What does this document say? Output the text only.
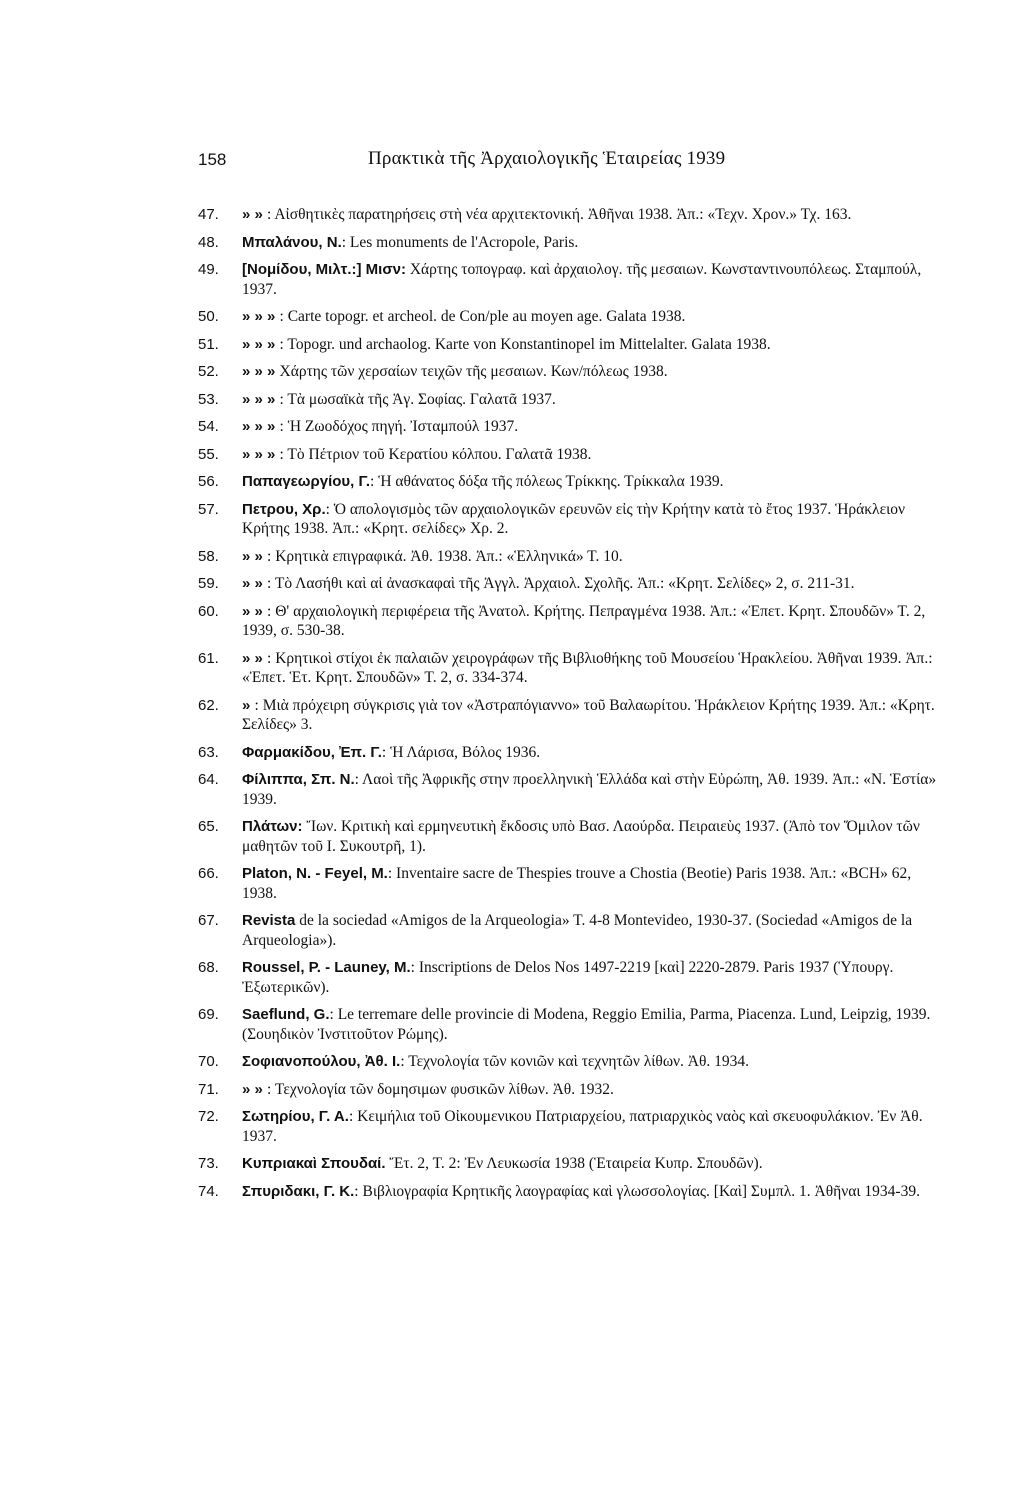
158	Πρακτικὰ τῆς Ἀρχαιολογικῆς Ἑταιρείας 1939
47.	» » : Αἰσθητικὲς παρατηρήσεις στὴ νέα αρχιτεκτονική. Ἀθῆναι 1938. Ἀπ.: «Τεχν. Χρον.» Τχ. 163.
48.	Μπαλάνου, Ν.: Les monuments de l'Acropole, Paris.
49.	[Νομίδου, Μιλτ.:] Μισν: Χάρτης τοπογραφ. καὶ ἀρχαιολογ. τῆς μεσαιων. Κωνσταντινουπόλεως. Σταμπούλ, 1937.
50.	» » » : Carte topogr. et archeol. de Con/ple au moyen age. Galata 1938.
51.	» » » : Topogr. und archaolog. Karte von Konstantinopel im Mittelalter. Galata 1938.
52.	» » » Χάρτης τῶν χερσαίων τειχῶν τῆς μεσαιων. Κων/πόλεως 1938.
53.	» » » : Τὰ μωσαϊκὰ τῆς Ἁγ. Σοφίας. Γαλατᾶ 1937.
54.	» » » : Ἡ Ζωοδόχος πηγή. Ἰσταμπούλ 1937.
55.	» » » : Τὸ Πέτριον τοῦ Κερατίου κόλπου. Γαλατᾶ 1938.
56.	Παπαγεωργίου, Γ.: Ἡ αθάνατος δόξα τῆς πόλεως Τρίκκης. Τρίκκαλα 1939.
57.	Πετρου, Χρ.: Ὁ απολογισμὸς τῶν αρχαιολογικῶν ερευνῶν εἰς τὴν Κρήτην κατὰ τὸ ἔτος 1937. Ἡράκλειον Κρήτης 1938. Ἀπ.: «Κρητ. σελίδες» Χρ. 2.
58.	» » : Κρητικὰ επιγραφικά. Ἀθ. 1938. Ἀπ.: «Ἑλληνικά» Τ. 10.
59.	» » : Τὸ Λασήθι καὶ αἱ ἀνασκαφαὶ τῆς Ἀγγλ. Ἀρχαιολ. Σχολῆς. Ἀπ.: «Κρητ. Σελίδες» 2, σ. 211-31.
60.	» » : Θ' αρχαιολογικὴ περιφέρεια τῆς Ἀνατολ. Κρήτης. Πεπραγμένα 1938. Ἀπ.: «Ἐπετ. Κρητ. Σπουδῶν» Τ. 2, 1939, σ. 530-38.
61.	» » : Κρητικοὶ στίχοι ἐκ παλαιῶν χειρογράφων τῆς Βιβλιοθήκης τοῦ Μουσείου Ἡρακλείου. Ἀθῆναι 1939. Ἀπ.: «Ἐπετ. Ἑτ. Κρητ. Σπουδῶν» Τ. 2, σ. 334-374.
62.	» : Μιὰ πρόχειρη σύγκρισις γιὰ τον «Ἀστραπόγιαννο» τοῦ Βαλαωρίτου. Ἡράκλειον Κρήτης 1939. Ἀπ.: «Κρητ. Σελίδες» 3.
63.	Φαρμακίδου, Ἐπ. Γ.: Ἡ Λάρισα, Βόλος 1936.
64.	Φίλιππα, Σπ. Ν.: Λαοὶ τῆς Ἀφρικῆς στην προελληνικὴ Ἑλλάδα καὶ στὴν Εὐρώπη, Ἀθ. 1939. Ἀπ.: «Ν. Ἑστία» 1939.
65.	Πλάτων: Ἴων. Κριτικὴ καὶ ερμηνευτικὴ ἔκδοσις υπὸ Βασ. Λαούρδα. Πειραιεὺς 1937. (Ἀπὸ τον Ὅμιλον τῶν μαθητῶν τοῦ Ι. Συκουτρῆ, 1).
66.	Platon, N. - Feyel, M.: Inventaire sacre de Thespies trouve a Chostia (Beotie) Paris 1938. Ἀπ.: «BCH» 62, 1938.
67.	Revista de la sociedad «Amigos de la Arqueologia» T. 4-8 Montevideo, 1930-37. (Sociedad «Amigos de la Arqueologia»).
68.	Roussel, P. - Launey, M.: Inscriptions de Delos Nos 1497-2219 [καὶ] 2220-2879. Paris 1937 (Ὑπουργ. Ἐξωτερικῶν).
69.	Saeflund, G.: Le terremare delle provincie di Modena, Reggio Emilia, Parma, Piacenza. Lund, Leipzig, 1939. (Σουηδικὸν Ἰνστιτοῦτον Ρώμης).
70.	Σοφιανοπούλου, Ἀθ. Ι.: Τεχνολογία τῶν κονιῶν καὶ τεχνητῶν λίθων. Ἀθ. 1934.
71.	» » : Τεχνολογία τῶν δομησιμων φυσικῶν λίθων. Ἀθ. 1932.
72.	Σωτηρίου, Γ. Α.: Κειμήλια τοῦ Οἰκουμενικου Πατριαρχείου, πατριαρχικὸς ναὸς καὶ σκευοφυλάκιον. Ἐν Ἀθ. 1937.
73.	Κυπριακαὶ Σπουδαί. Ἔτ. 2, Τ. 2: Ἐν Λευκωσία 1938 (Ἑταιρεία Κυπρ. Σπουδῶν).
74.	Σπυριδακι, Γ. Κ.: Βιβλιογραφία Κρητικῆς λαογραφίας καὶ γλωσσολογίας. [Καὶ] Συμπλ. 1. Ἀθῆναι 1934-39.
